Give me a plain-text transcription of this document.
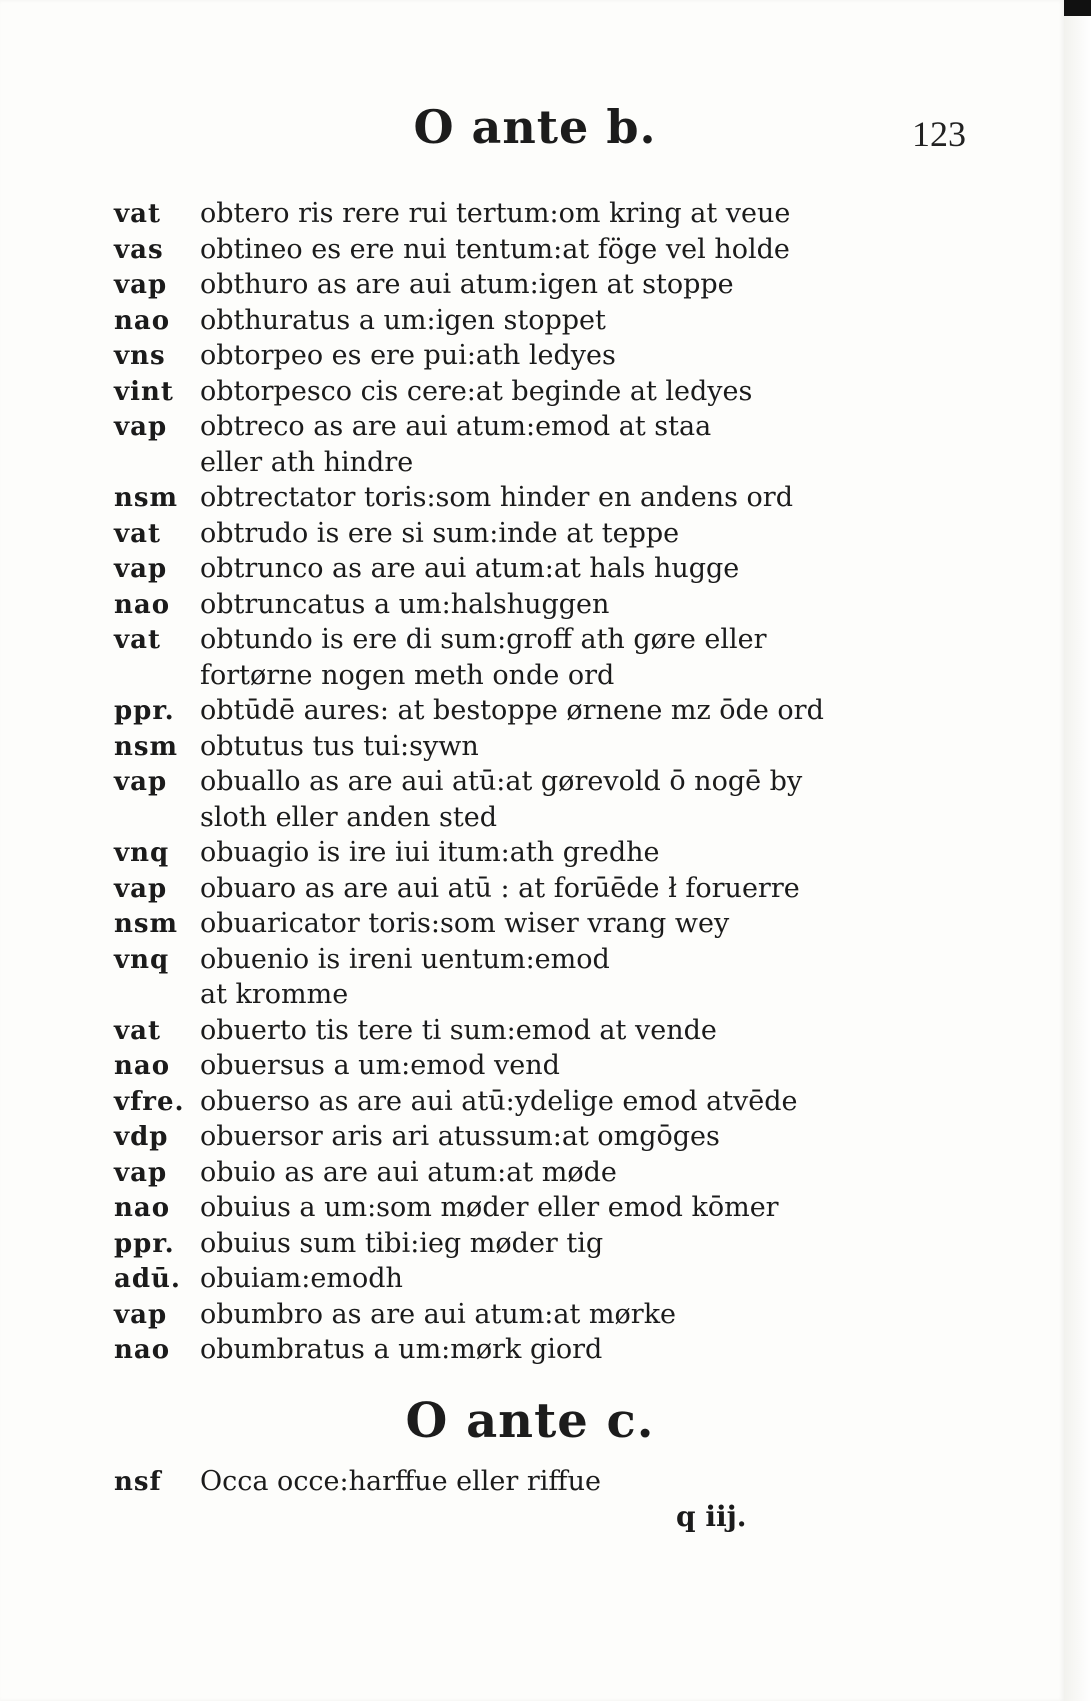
O ante b.	123
vat obtero ris rere rui tertum:om kring at veue
vas obtineo es ere nui tentum:at föge vel holde
vap obthuro as are aui atum:igen at stoppe
nao obthuratus a um:igen stoppet
vns obtorpeo es ere pui:ath ledyes
vint obtorpesco cis cere:at beginde at ledyes
vap obtreco as are aui atum:emod at staa
eller ath hindre
nsm obtrectator toris:som hinder en andens ord
vat obtrudo is ere si sum:inde at teppe
vap obtrunco as are aui atum:at hals hugge
nao obtruncatus a um:halshuggen
vat obtundo is ere di sum:groff ath gøre eller
fortørne nogen meth onde ord
ppr. obtūdē aures: at bestoppe ørnene mz ōde ord
nsm obtutus tus tui:sywn
vap obuallo as are aui atū:at gørevold ō nogē by
sloth eller anden sted
vnq obuagio is ire iui itum:ath gredhe
vap obuaro as are aui atū : at forūēde ł foruerre
nsm obuaricator toris:som wiser vrang wey
vnq obuenio is ireni uentum:emod
at kromme
vat obuerto tis tere ti sum:emod at vende
nao obuersus a um:emod vend
vfre. obuerso as are aui atū:ydelige emod atvēde
vdp obuersor aris ari atussum:at omgōges
vap obuio as are aui atum:at møde
nao obuius a um:som møder eller emod kōmer
ppr. obuius sum tibi:ieg møder tig
adū. obuiam:emodh
vap obumbro as are aui atum:at mørke
nao obumbratus a um:mørk giord
O ante c.
nsf Occa occe:harffue eller riffue
q iij.
